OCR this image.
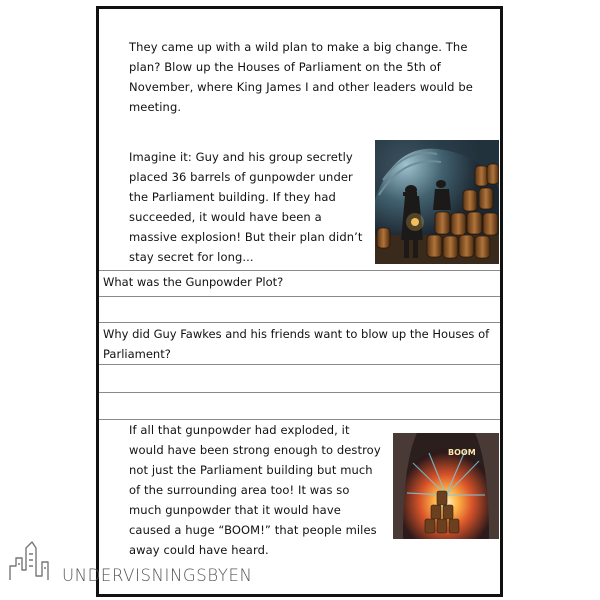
They came up with a wild plan to make a big change. The plan? Blow up the Houses of Parliament on the 5th of November, where King James I and other leaders would be meeting.

Imagine it: Guy and his group secretly placed 36 barrels of gunpowder under the Parliament building. If they had succeeded, it would have been a massive explosion! But their plan didn’t stay secret for long...

What was the Gunpowder Plot?

Why did Guy Fawkes and his friends want to blow up the Houses of Parliament?

If all that gunpowder had exploded, it would have been strong enough to destroy not just the Parliament building but much of the surrounding area too! It was so much gunpowder that it would have caused a huge “BOOM!” that people miles away could have heard.

BOOM
UNDERVISNINGSBYEN
